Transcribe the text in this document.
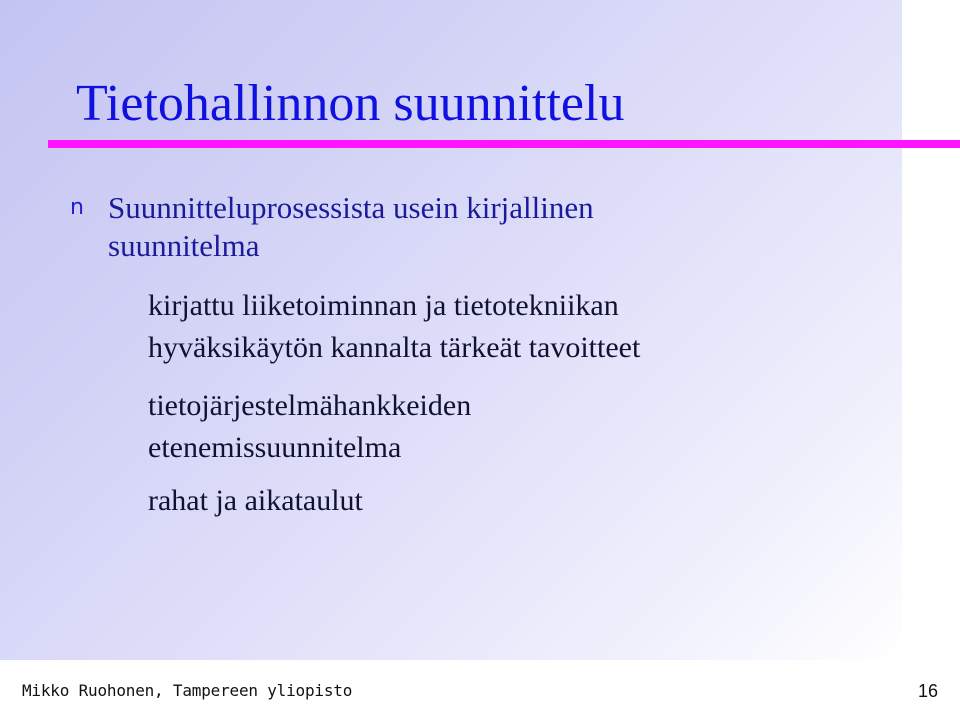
Tietohallinnon suunnittelu
n Suunnitteluprosessista usein kirjallinen suunnitelma

kirjattu liiketoiminnan ja tietotekniikan
hyväksikäytön kannalta tärkeät tavoitteet

tietojärjestelmähankkeiden
etenemissuunnitelma

rahat ja aikataulut

Mikko Ruohonen, Tampereen yliopisto	16
